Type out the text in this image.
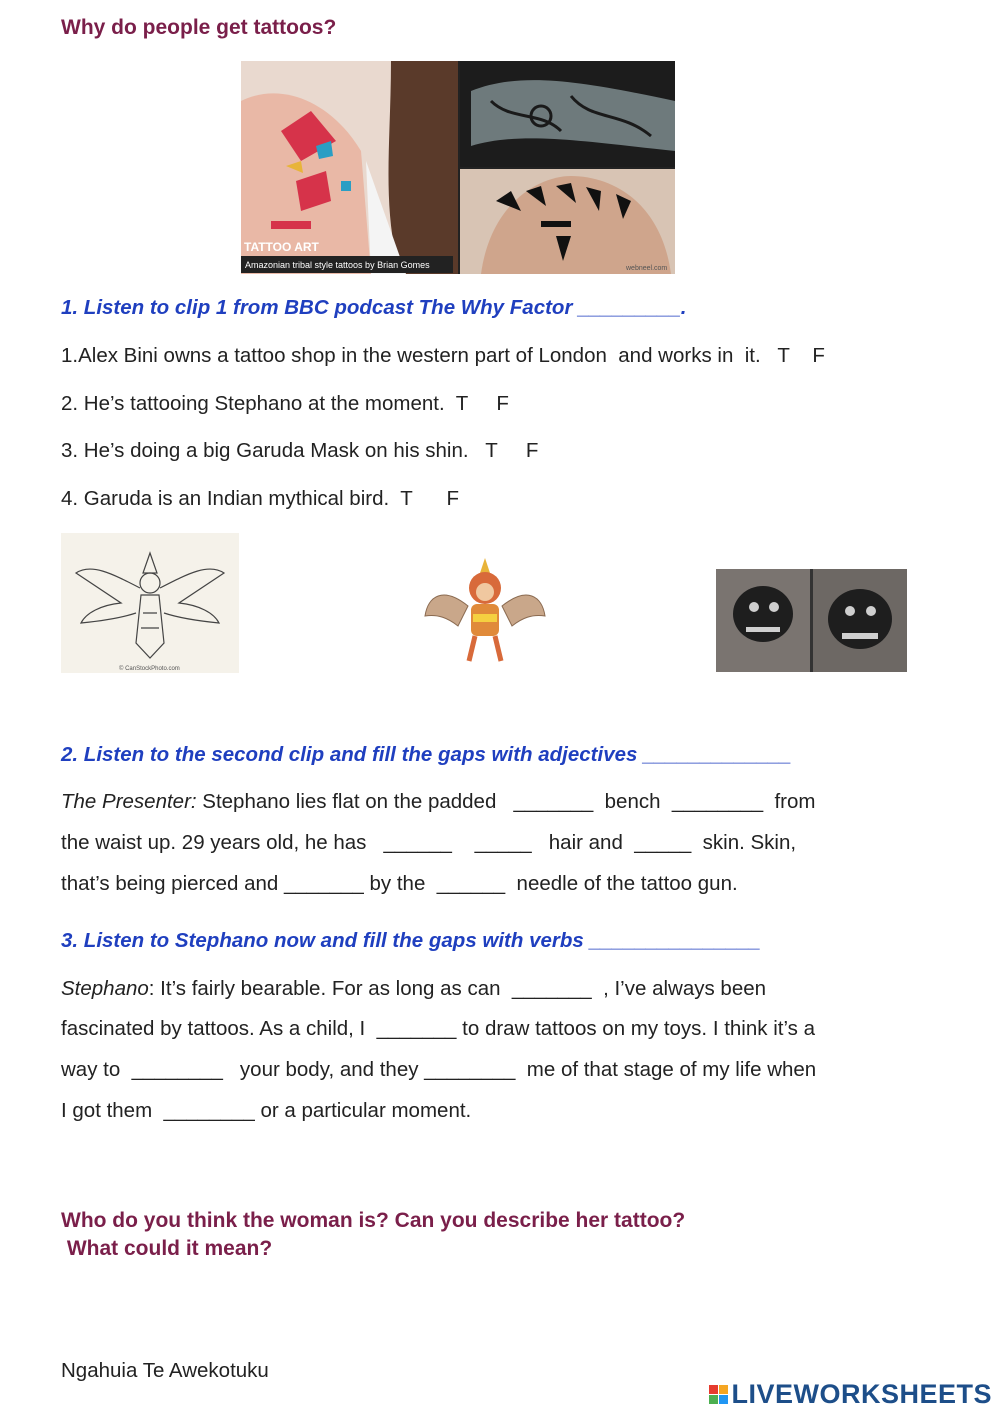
Why do people get tattoos?
TATTOO ART
Amazonian tribal style tattoos by Brian Gomes	webneel.com
1. Listen to clip 1 from BBC podcast The Why Factor _________.
1.Alex Bini owns a tattoo shop in the western part of London  and works in  it.   T    F
2. He’s tattooing Stephano at the moment.  T     F
3. He’s doing a big Garuda Mask on his shin.   T     F
4. Garuda is an Indian mythical bird.  T      F
© CanStockPhoto.com
2. Listen to the second clip and fill the gaps with adjectives _____________
The Presenter: Stephano lies flat on the padded   _______  bench  ________  from
the waist up. 29 years old, he has   ______    _____   hair and  _____  skin. Skin,
that’s being pierced and _______ by the  ______  needle of the tattoo gun.
3. Listen to Stephano now and fill the gaps with verbs _______________
Stephano: It’s fairly bearable. For as long as can  _______  , I’ve always been
fascinated by tattoos. As a child, I  _______ to draw tattoos on my toys. I think it’s a
way to  ________   your body, and they ________  me of that stage of my life when
I got them  ________ or a particular moment.
Who do you think the woman is? Can you describe her tattoo?
What could it mean?
Ngahuia Te Awekotuku
LIVEWORKSHEETS
